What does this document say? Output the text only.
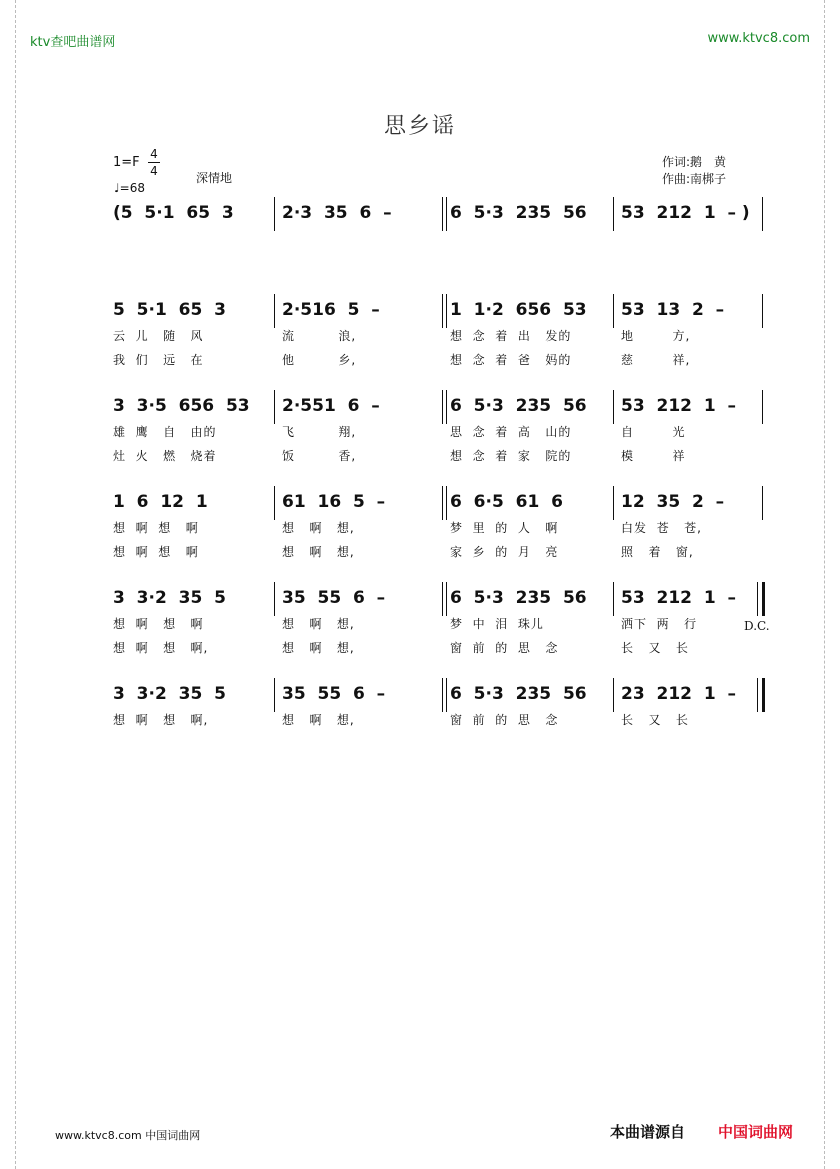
ktv查吧曲谱网	www.ktvc8.com
思乡谣
1=F
4
4
♩=68
深情地
作词:鹅　黄
作曲:南梆子
(5  5·1  65  3	2·3  35  6  –	6  5·3  235  56 53  212  1  – )
5  5·1  65  3	2·516  5  –	1  1·2  656  53 53  13  2  –
云  儿   随   风	流         浪,	想  念  着  出   发的	地        方,
我  们   远   在	他         乡,	想  念  着  爸   妈的	慈        祥,
3  3·5  656  53 2·551  6  –	6  5·3  235  56 53  212  1  –
雄  鹰   自   由的	飞         翔,	思  念  着  高   山的	自        光
灶  火   燃   烧着	饭         香,	想  念  着  家   院的	模        祥
1  6  12  1	61  16  5  –	6  6·5  61  6	12  35  2  –
想  啊  想   啊	想   啊   想,	梦  里  的  人   啊	白发  苍   苍,
想  啊  想   啊	想   啊   想,	家  乡  的  月   亮	照   着   窗,
3  3·2  35  5	35  55  6  –	6  5·3  235  56 53  212  1  –
想  啊   想   啊	想   啊   想,	梦  中  泪  珠儿	洒下  两   行
想  啊   想   啊,	想   啊   想,	窗  前  的  思   念	长   又   长
3  3·2  35  5	35  55  6  –	6  5·3  235  56 23  212  1  –
想  啊   想   啊,	想   啊   想,	窗  前  的  思   念	长   又   长
D.C.
www.ktvc8.com 中国词曲网	本曲谱源自 中国词曲网
